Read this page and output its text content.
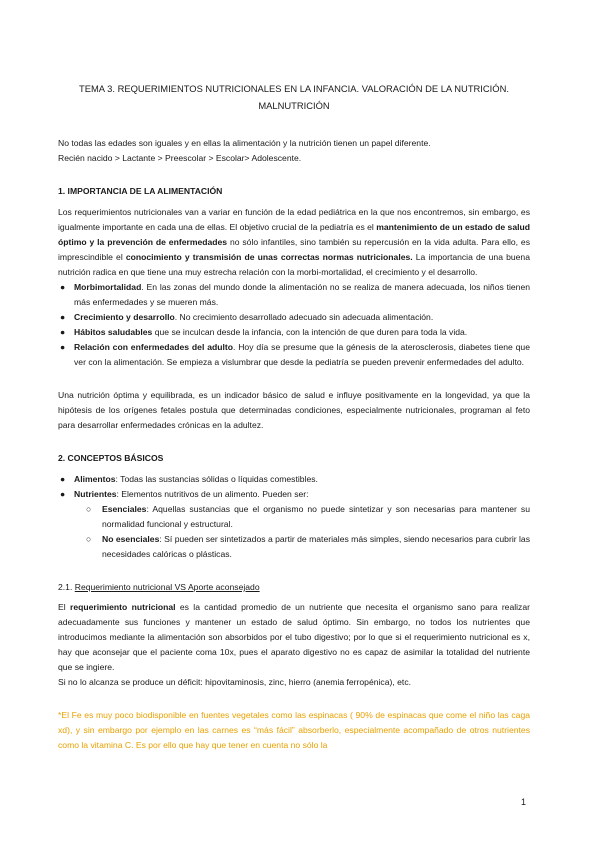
TEMA 3. REQUERIMIENTOS NUTRICIONALES EN LA INFANCIA. VALORACIÓN DE LA NUTRICIÓN.
MALNUTRICIÓN

No todas las edades son iguales y en ellas la alimentación y la nutrición tienen un papel diferente.

Recién nacido > Lactante > Preescolar > Escolar> Adolescente.

1. IMPORTANCIA DE LA ALIMENTACIÓN

Los requerimientos nutricionales van a variar en función de la edad pediátrica en la que nos encontremos, sin embargo, es igualmente importante en cada una de ellas. El objetivo crucial de la pediatría es el mantenimiento de un estado de salud óptimo y la prevención de enfermedades no sólo infantiles, sino también su repercusión en la vida adulta. Para ello, es imprescindible el conocimiento y transmisión de unas correctas normas nutricionales. La importancia de una buena nutrición radica en que tiene una muy estrecha relación con la morbi-mortalidad, el crecimiento y el desarrollo.

● Morbimortalidad. En las zonas del mundo donde la alimentación no se realiza de manera adecuada, los niños tienen más enfermedades y se mueren más.
● Crecimiento y desarrollo. No crecimiento desarrollado adecuado sin adecuada alimentación.
● Hábitos saludables que se inculcan desde la infancia, con la intención de que duren para toda la vida.
● Relación con enfermedades del adulto. Hoy día se presume que la génesis de la aterosclerosis, diabetes tiene que ver con la alimentación. Se empieza a vislumbrar que desde la pediatría se pueden prevenir enfermedades del adulto.

Una nutrición óptima y equilibrada, es un indicador básico de salud e influye positivamente en la longevidad, ya que la hipótesis de los orígenes fetales postula que determinadas condiciones, especialmente nutricionales, programan al feto para desarrollar enfermedades crónicas en la adultez.

2. CONCEPTOS BÁSICOS
● Alimentos: Todas las sustancias sólidas o líquidas comestibles.
● Nutrientes: Elementos nutritivos de un alimento. Pueden ser:
○ Esenciales: Aquellas sustancias que el organismo no puede sintetizar y son necesarias para mantener su normalidad funcional y estructural.
○ No esenciales: Sí pueden ser sintetizados a partir de materiales más simples, siendo necesarios para cubrir las necesidades calóricas o plásticas.
2.1. Requerimiento nutricional VS Aporte aconsejado

El requerimiento nutricional es la cantidad promedio de un nutriente que necesita el organismo sano para realizar adecuadamente sus funciones y mantener un estado de salud óptimo. Sin embargo, no todos los nutrientes que introducimos mediante la alimentación son absorbidos por el tubo digestivo; por lo que si el requerimiento nutricional es x, hay que aconsejar que el paciente coma 10x, pues el aparato digestivo no es capaz de asimilar la totalidad del nutriente que se ingiere.

Si no lo alcanza se produce un déficit: hipovitaminosis, zinc, hierro (anemia ferropénica), etc.

*El Fe es muy poco biodisponible en fuentes vegetales como las espinacas ( 90% de espinacas que come el niño las caga xd), y sin embargo por ejemplo en las carnes es “más fácil” absorberlo, especialmente acompañado de otros nutrientes como la vitamina C. Es por ello que hay que tener en cuenta no sólo la

1
